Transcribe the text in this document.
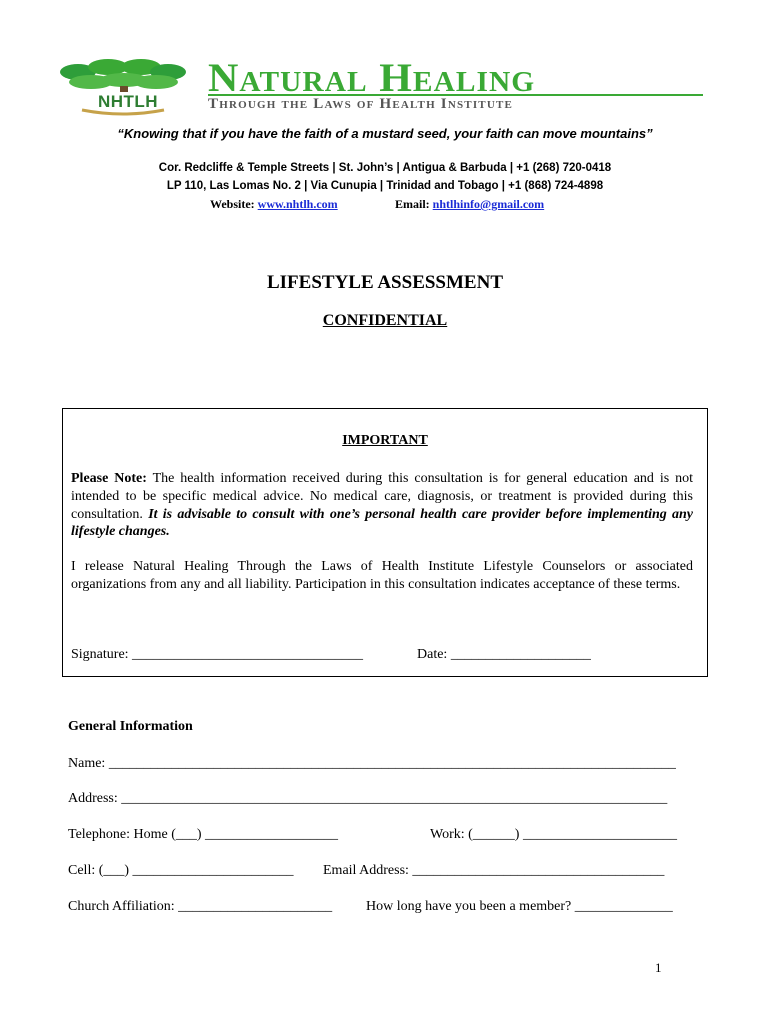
NHTLH
Natural Healing
Through the Laws of Health Institute
“Knowing that if you have the faith of a mustard seed, your faith can move mountains”
Cor. Redcliffe & Temple Streets | St. John’s | Antigua & Barbuda | +1 (268) 720-0418
LP 110, Las Lomas No. 2 | Via Cunupia | Trinidad and Tobago | +1 (868) 724-4898
Website: www.nhtlh.com	Email: nhtlhinfo@gmail.com
LIFESTYLE ASSESSMENT
CONFIDENTIAL
IMPORTANT
Please Note: The health information received during this consultation is for general education and is not intended to be specific medical advice. No medical care, diagnosis, or treatment is provided during this consultation. It is advisable to consult with one’s personal health care provider before implementing any lifestyle changes.
I release Natural Healing Through the Laws of Health Institute Lifestyle Counselors or associated organizations from any and all liability. Participation in this consultation indicates acceptance of these terms.
Signature: _________________________________	Date: ____________________
General Information
Name: _________________________________________________________________________________
Address: ______________________________________________________________________________
Telephone: Home (___) ___________________	Work: (______) ______________________
Cell: (___) _______________________ Email Address: ____________________________________
Church Affiliation: ______________________ How long have you been a member? ______________
1
